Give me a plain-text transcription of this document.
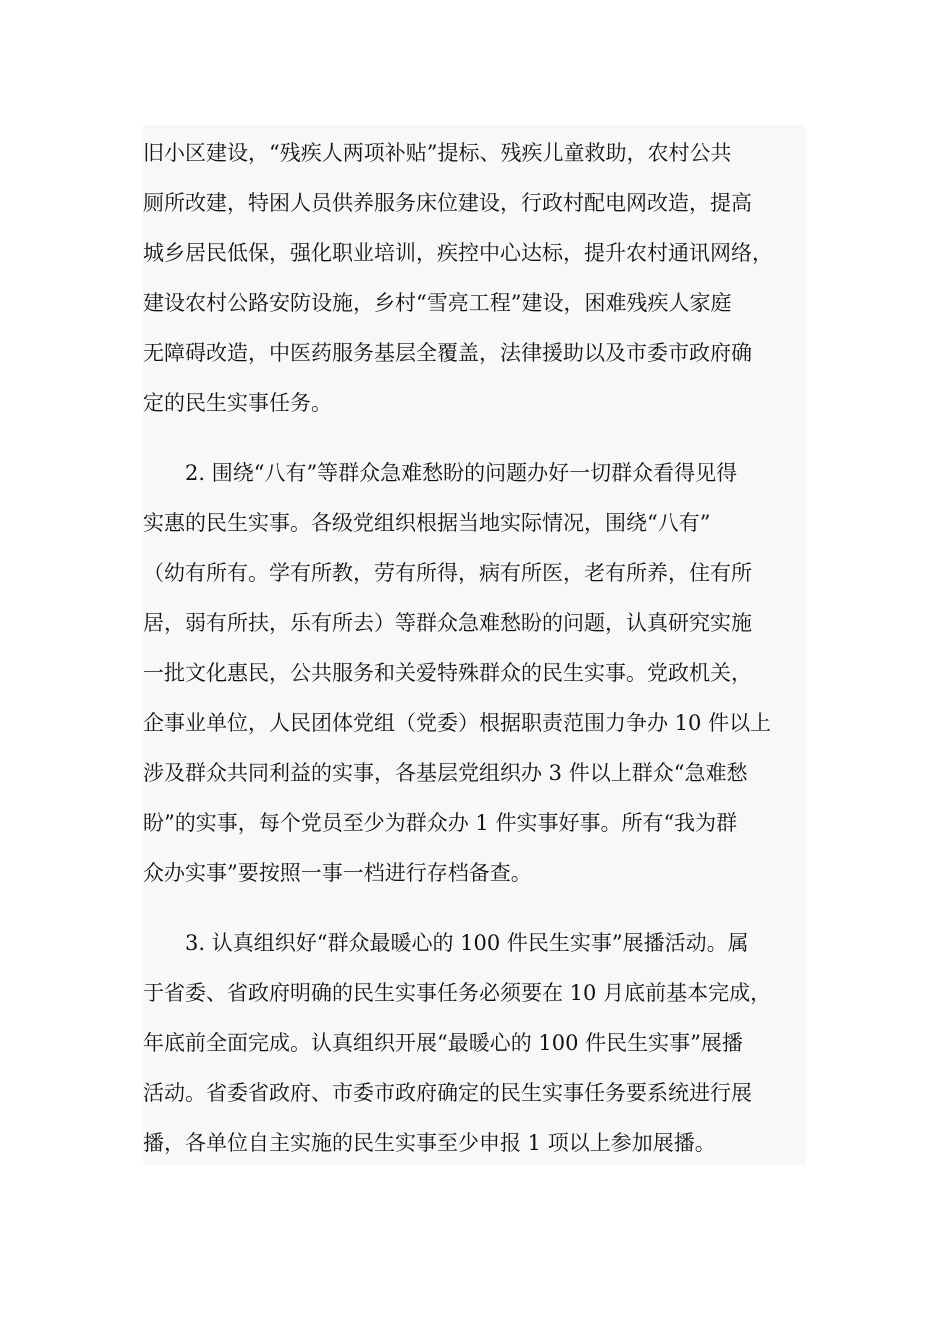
旧小区建设，“残疾人两项补贴”提标、残疾儿童救助，农村公共
厕所改建，特困人员供养服务床位建设，行政村配电网改造，提高
城乡居民低保，强化职业培训，疾控中心达标，提升农村通讯网络，
建设农村公路安防设施，乡村“雪亮工程”建设，困难残疾人家庭
无障碍改造，中医药服务基层全覆盖，法律援助以及市委市政府确
定的民生实事任务。
　　2. 围绕“八有”等群众急难愁盼的问题办好一切群众看得见得
实惠的民生实事。各级党组织根据当地实际情况，围绕“八有”
（幼有所有。学有所教，劳有所得，病有所医，老有所养，住有所
居，弱有所扶，乐有所去）等群众急难愁盼的问题，认真研究实施
一批文化惠民，公共服务和关爱特殊群众的民生实事。党政机关，
企事业单位，人民团体党组（党委）根据职责范围力争办 10 件以上
涉及群众共同利益的实事，各基层党组织办 3 件以上群众“急难愁
盼”的实事，每个党员至少为群众办 1 件实事好事。所有“我为群
众办实事”要按照一事一档进行存档备查。
　　3. 认真组织好“群众最暖心的 100 件民生实事”展播活动。属
于省委、省政府明确的民生实事任务必须要在 10 月底前基本完成，
年底前全面完成。认真组织开展“最暖心的 100 件民生实事”展播
活动。省委省政府、市委市政府确定的民生实事任务要系统进行展
播，各单位自主实施的民生实事至少申报 1 项以上参加展播。
